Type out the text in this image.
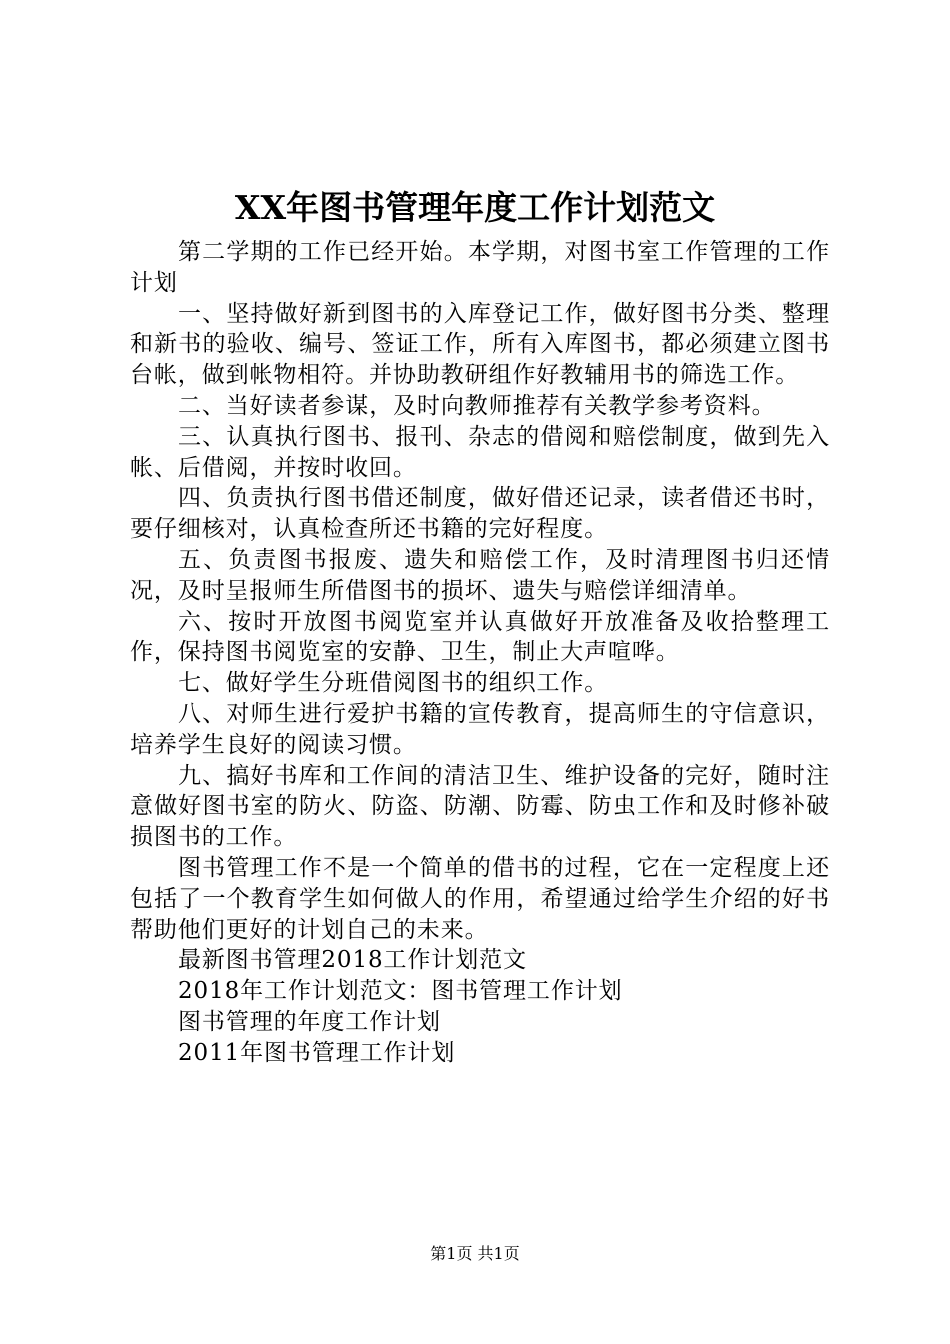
XX年图书管理年度工作计划范文

第二学期的工作已经开始。本学期，对图书室工作管理的工作计划

一、坚持做好新到图书的入库登记工作，做好图书分类、整理和新书的验收、编号、签证工作，所有入库图书，都必须建立图书台帐，做到帐物相符。并协助教研组作好教辅用书的筛选工作。

二、当好读者参谋，及时向教师推荐有关教学参考资料。

三、认真执行图书、报刊、杂志的借阅和赔偿制度，做到先入帐、后借阅，并按时收回。

四、负责执行图书借还制度，做好借还记录，读者借还书时，要仔细核对，认真检查所还书籍的完好程度。

五、负责图书报废、遗失和赔偿工作，及时清理图书归还情况，及时呈报师生所借图书的损坏、遗失与赔偿详细清单。

六、按时开放图书阅览室并认真做好开放准备及收拾整理工作，保持图书阅览室的安静、卫生，制止大声喧哗。

七、做好学生分班借阅图书的组织工作。

八、对师生进行爱护书籍的宣传教育，提高师生的守信意识，培养学生良好的阅读习惯。

九、搞好书库和工作间的清洁卫生、维护设备的完好，随时注意做好图书室的防火、防盗、防潮、防霉、防虫工作和及时修补破损图书的工作。

图书管理工作不是一个简单的借书的过程，它在一定程度上还包括了一个教育学生如何做人的作用，希望通过给学生介绍的好书帮助他们更好的计划自己的未来。

最新图书管理2018工作计划范文

2018年工作计划范文：图书管理工作计划

图书管理的年度工作计划

2011年图书管理工作计划

第1页 共1页
